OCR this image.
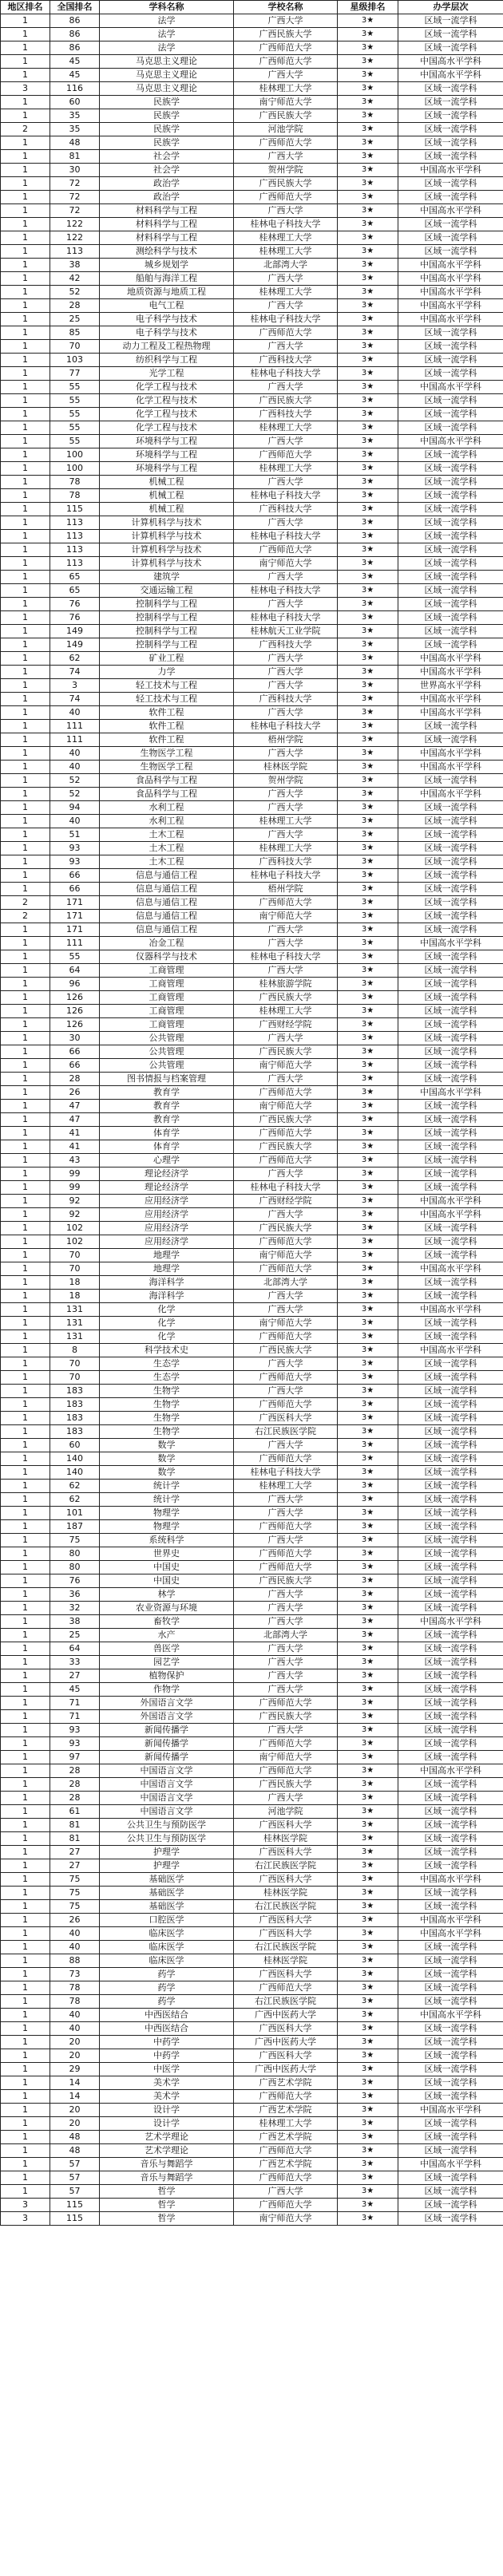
地区排名	全国排名	学科名称	学校名称	星级排名	办学层次
1	86	法学	广西大学	3★	区域一流学科
1	86	法学	广西民族大学	3★	区域一流学科
1	86	法学	广西师范大学	3★	区域一流学科
1	45	马克思主义理论	广西师范大学	3★	中国高水平学科
1	45	马克思主义理论	广西大学	3★	中国高水平学科
3	116	马克思主义理论	桂林理工大学	3★	区域一流学科
1	60	民族学	南宁师范大学	3★	区域一流学科
1	35	民族学	广西民族大学	3★	区域一流学科
2	35	民族学	河池学院	3★	区域一流学科
1	48	民族学	广西师范大学	3★	区域一流学科
1	81	社会学	广西大学	3★	区域一流学科
1	30	社会学	贺州学院	3★	中国高水平学科
1	72	政治学	广西民族大学	3★	区域一流学科
1	72	政治学	广西师范大学	3★	区域一流学科
1	72	材料科学与工程	广西大学	3★	中国高水平学科
1	122	材料科学与工程	桂林电子科技大学	3★	区域一流学科
1	122	材料科学与工程	桂林理工大学	3★	区域一流学科
1	113	测绘科学与技术	桂林理工大学	3★	区域一流学科
1	38	城乡规划学	北部湾大学	3★	中国高水平学科
1	42	船舶与海洋工程	广西大学	3★	中国高水平学科
1	52	地质资源与地质工程	桂林理工大学	3★	中国高水平学科
1	28	电气工程	广西大学	3★	中国高水平学科
1	25	电子科学与技术	桂林电子科技大学	3★	中国高水平学科
1	85	电子科学与技术	广西师范大学	3★	区域一流学科
1	70	动力工程及工程热物理	广西大学	3★	区域一流学科
1	103	纺织科学与工程	广西科技大学	3★	区域一流学科
1	77	光学工程	桂林电子科技大学	3★	区域一流学科
1	55	化学工程与技术	广西大学	3★	中国高水平学科
1	55	化学工程与技术	广西民族大学	3★	区域一流学科
1	55	化学工程与技术	广西科技大学	3★	区域一流学科
1	55	化学工程与技术	桂林理工大学	3★	区域一流学科
1	55	环境科学与工程	广西大学	3★	中国高水平学科
1	100	环境科学与工程	广西师范大学	3★	区域一流学科
1	100	环境科学与工程	桂林理工大学	3★	区域一流学科
1	78	机械工程	广西大学	3★	区域一流学科
1	78	机械工程	桂林电子科技大学	3★	区域一流学科
1	115	机械工程	广西科技大学	3★	区域一流学科
1	113	计算机科学与技术	广西大学	3★	区域一流学科
1	113	计算机科学与技术	桂林电子科技大学	3★	区域一流学科
1	113	计算机科学与技术	广西师范大学	3★	区域一流学科
1	113	计算机科学与技术	南宁师范大学	3★	区域一流学科
1	65	建筑学	广西大学	3★	区域一流学科
1	65	交通运输工程	桂林电子科技大学	3★	区域一流学科
1	76	控制科学与工程	广西大学	3★	区域一流学科
1	76	控制科学与工程	桂林电子科技大学	3★	区域一流学科
1	149	控制科学与工程	桂林航天工业学院	3★	区域一流学科
1	149	控制科学与工程	广西科技大学	3★	区域一流学科
1	62	矿业工程	广西大学	3★	中国高水平学科
1	74	力学	广西大学	3★	中国高水平学科
1	3	轻工技术与工程	广西大学	3★	世界高水平学科
1	74	轻工技术与工程	广西科技大学	3★	中国高水平学科
1	40	软件工程	广西大学	3★	中国高水平学科
1	111	软件工程	桂林电子科技大学	3★	区域一流学科
1	111	软件工程	梧州学院	3★	区域一流学科
1	40	生物医学工程	广西大学	3★	中国高水平学科
1	40	生物医学工程	桂林医学院	3★	中国高水平学科
1	52	食品科学与工程	贺州学院	3★	区域一流学科
1	52	食品科学与工程	广西大学	3★	中国高水平学科
1	94	水利工程	广西大学	3★	区域一流学科
1	40	水利工程	桂林理工大学	3★	区域一流学科
1	51	土木工程	广西大学	3★	区域一流学科
1	93	土木工程	桂林理工大学	3★	区域一流学科
1	93	土木工程	广西科技大学	3★	区域一流学科
1	66	信息与通信工程	桂林电子科技大学	3★	区域一流学科
1	66	信息与通信工程	梧州学院	3★	区域一流学科
2	171	信息与通信工程	广西师范大学	3★	区域一流学科
2	171	信息与通信工程	南宁师范大学	3★	区域一流学科
1	171	信息与通信工程	广西大学	3★	区域一流学科
1	111	冶金工程	广西大学	3★	中国高水平学科
1	55	仪器科学与技术	桂林电子科技大学	3★	区域一流学科
1	64	工商管理	广西大学	3★	区域一流学科
1	96	工商管理	桂林旅游学院	3★	区域一流学科
1	126	工商管理	广西民族大学	3★	区域一流学科
1	126	工商管理	桂林理工大学	3★	区域一流学科
1	126	工商管理	广西财经学院	3★	区域一流学科
1	30	公共管理	广西大学	3★	区域一流学科
1	66	公共管理	广西民族大学	3★	区域一流学科
1	66	公共管理	南宁师范大学	3★	区域一流学科
1	28	图书情报与档案管理	广西大学	3★	区域一流学科
1	26	教育学	广西师范大学	3★	中国高水平学科
1	47	教育学	南宁师范大学	3★	区域一流学科
1	47	教育学	广西民族大学	3★	区域一流学科
1	41	体育学	广西师范大学	3★	区域一流学科
1	41	体育学	广西民族大学	3★	区域一流学科
1	43	心理学	广西师范大学	3★	区域一流学科
1	99	理论经济学	广西大学	3★	区域一流学科
1	99	理论经济学	桂林电子科技大学	3★	区域一流学科
1	92	应用经济学	广西财经学院	3★	中国高水平学科
1	92	应用经济学	广西大学	3★	中国高水平学科
1	102	应用经济学	广西民族大学	3★	区域一流学科
1	102	应用经济学	广西师范大学	3★	区域一流学科
1	70	地理学	南宁师范大学	3★	区域一流学科
1	70	地理学	广西师范大学	3★	中国高水平学科
1	18	海洋科学	北部湾大学	3★	区域一流学科
1	18	海洋科学	广西大学	3★	区域一流学科
1	131	化学	广西大学	3★	中国高水平学科
1	131	化学	南宁师范大学	3★	区域一流学科
1	131	化学	广西师范大学	3★	区域一流学科
1	8	科学技术史	广西民族大学	3★	中国高水平学科
1	70	生态学	广西大学	3★	区域一流学科
1	70	生态学	广西师范大学	3★	区域一流学科
1	183	生物学	广西大学	3★	区域一流学科
1	183	生物学	广西师范大学	3★	区域一流学科
1	183	生物学	广西医科大学	3★	区域一流学科
1	183	生物学	右江民族医学院	3★	区域一流学科
1	60	数学	广西大学	3★	区域一流学科
1	140	数学	广西师范大学	3★	区域一流学科
1	140	数学	桂林电子科技大学	3★	区域一流学科
1	62	统计学	桂林理工大学	3★	区域一流学科
1	62	统计学	广西大学	3★	区域一流学科
1	101	物理学	广西大学	3★	区域一流学科
1	187	物理学	广西师范大学	3★	区域一流学科
1	75	系统科学	广西大学	3★	区域一流学科
1	80	世界史	广西师范大学	3★	区域一流学科
1	80	中国史	广西师范大学	3★	区域一流学科
1	76	中国史	广西民族大学	3★	区域一流学科
1	36	林学	广西大学	3★	区域一流学科
1	32	农业资源与环境	广西大学	3★	区域一流学科
1	38	畜牧学	广西大学	3★	中国高水平学科
1	25	水产	北部湾大学	3★	区域一流学科
1	64	兽医学	广西大学	3★	区域一流学科
1	33	园艺学	广西大学	3★	区域一流学科
1	27	植物保护	广西大学	3★	区域一流学科
1	45	作物学	广西大学	3★	区域一流学科
1	71	外国语言文学	广西师范大学	3★	区域一流学科
1	71	外国语言文学	广西民族大学	3★	区域一流学科
1	93	新闻传播学	广西大学	3★	区域一流学科
1	93	新闻传播学	广西师范大学	3★	区域一流学科
1	97	新闻传播学	南宁师范大学	3★	区域一流学科
1	28	中国语言文学	广西师范大学	3★	中国高水平学科
1	28	中国语言文学	广西民族大学	3★	区域一流学科
1	28	中国语言文学	广西大学	3★	区域一流学科
1	61	中国语言文学	河池学院	3★	区域一流学科
1	81	公共卫生与预防医学	广西医科大学	3★	区域一流学科
1	81	公共卫生与预防医学	桂林医学院	3★	区域一流学科
1	27	护理学	广西医科大学	3★	区域一流学科
1	27	护理学	右江民族医学院	3★	区域一流学科
1	75	基础医学	广西医科大学	3★	中国高水平学科
1	75	基础医学	桂林医学院	3★	区域一流学科
1	75	基础医学	右江民族医学院	3★	区域一流学科
1	26	口腔医学	广西医科大学	3★	中国高水平学科
1	40	临床医学	广西医科大学	3★	中国高水平学科
1	40	临床医学	右江民族医学院	3★	区域一流学科
1	88	临床医学	桂林医学院	3★	区域一流学科
1	73	药学	广西医科大学	3★	区域一流学科
1	78	药学	广西师范大学	3★	区域一流学科
1	78	药学	右江民族医学院	3★	区域一流学科
1	40	中西医结合	广西中医药大学	3★	中国高水平学科
1	40	中西医结合	广西医科大学	3★	区域一流学科
1	20	中药学	广西中医药大学	3★	区域一流学科
1	20	中药学	广西医科大学	3★	区域一流学科
1	29	中医学	广西中医药大学	3★	区域一流学科
1	14	美术学	广西艺术学院	3★	区域一流学科
1	14	美术学	广西师范大学	3★	区域一流学科
1	20	设计学	广西艺术学院	3★	中国高水平学科
1	20	设计学	桂林理工大学	3★	区域一流学科
1	48	艺术学理论	广西艺术学院	3★	区域一流学科
1	48	艺术学理论	广西师范大学	3★	区域一流学科
1	57	音乐与舞蹈学	广西艺术学院	3★	中国高水平学科
1	57	音乐与舞蹈学	广西师范大学	3★	区域一流学科
1	57	哲学	广西大学	3★	区域一流学科
3	115	哲学	广西师范大学	3★	区域一流学科
3	115	哲学	南宁师范大学	3★	区域一流学科
